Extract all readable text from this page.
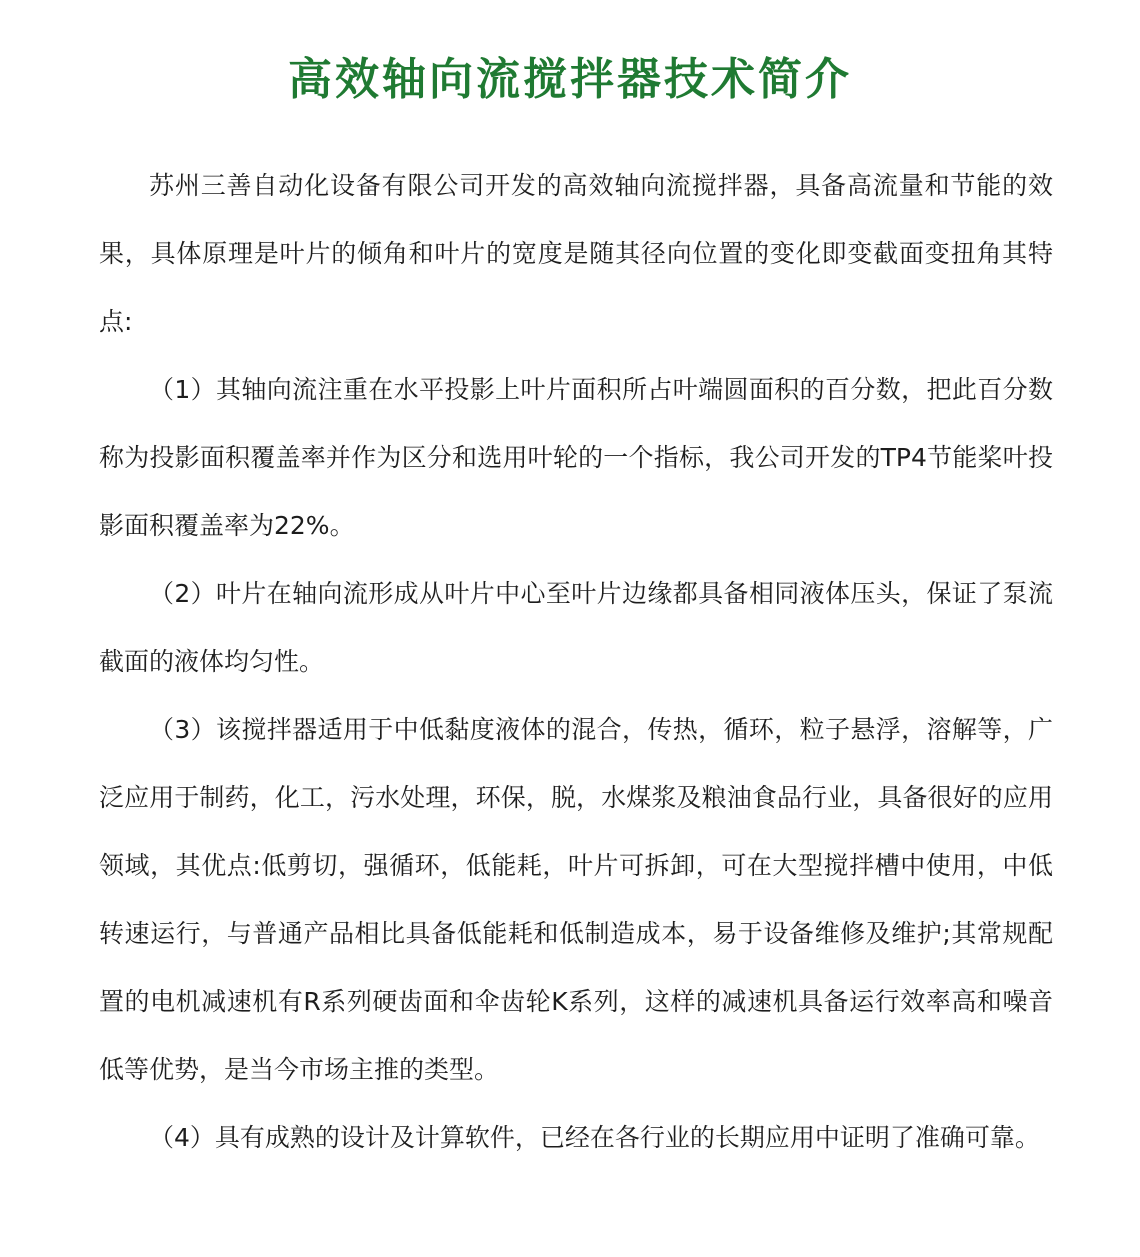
高效轴向流搅拌器技术简介

苏州三善自动化设备有限公司开发的高效轴向流搅拌器，具备高流量和节能的效果，具体原理是叶片的倾角和叶片的宽度是随其径向位置的变化即变截面变扭角其特点:

（1）其轴向流注重在水平投影上叶片面积所占叶端圆面积的百分数，把此百分数称为投影面积覆盖率并作为区分和选用叶轮的一个指标，我公司开发的TP4节能桨叶投影面积覆盖率为22%。

（2）叶片在轴向流形成从叶片中心至叶片边缘都具备相同液体压头，保证了泵流截面的液体均匀性。

（3）该搅拌器适用于中低黏度液体的混合，传热，循环，粒子悬浮，溶解等，广泛应用于制药，化工，污水处理，环保，脱，水煤浆及粮油食品行业，具备很好的应用领域，其优点:低剪切，强循环，低能耗，叶片可拆卸，可在大型搅拌槽中使用，中低转速运行，与普通产品相比具备低能耗和低制造成本，易于设备维修及维护;其常规配置的电机减速机有R系列硬齿面和伞齿轮K系列，这样的减速机具备运行效率高和噪音低等优势，是当今市场主推的类型。

（4）具有成熟的设计及计算软件，已经在各行业的长期应用中证明了准确可靠。
